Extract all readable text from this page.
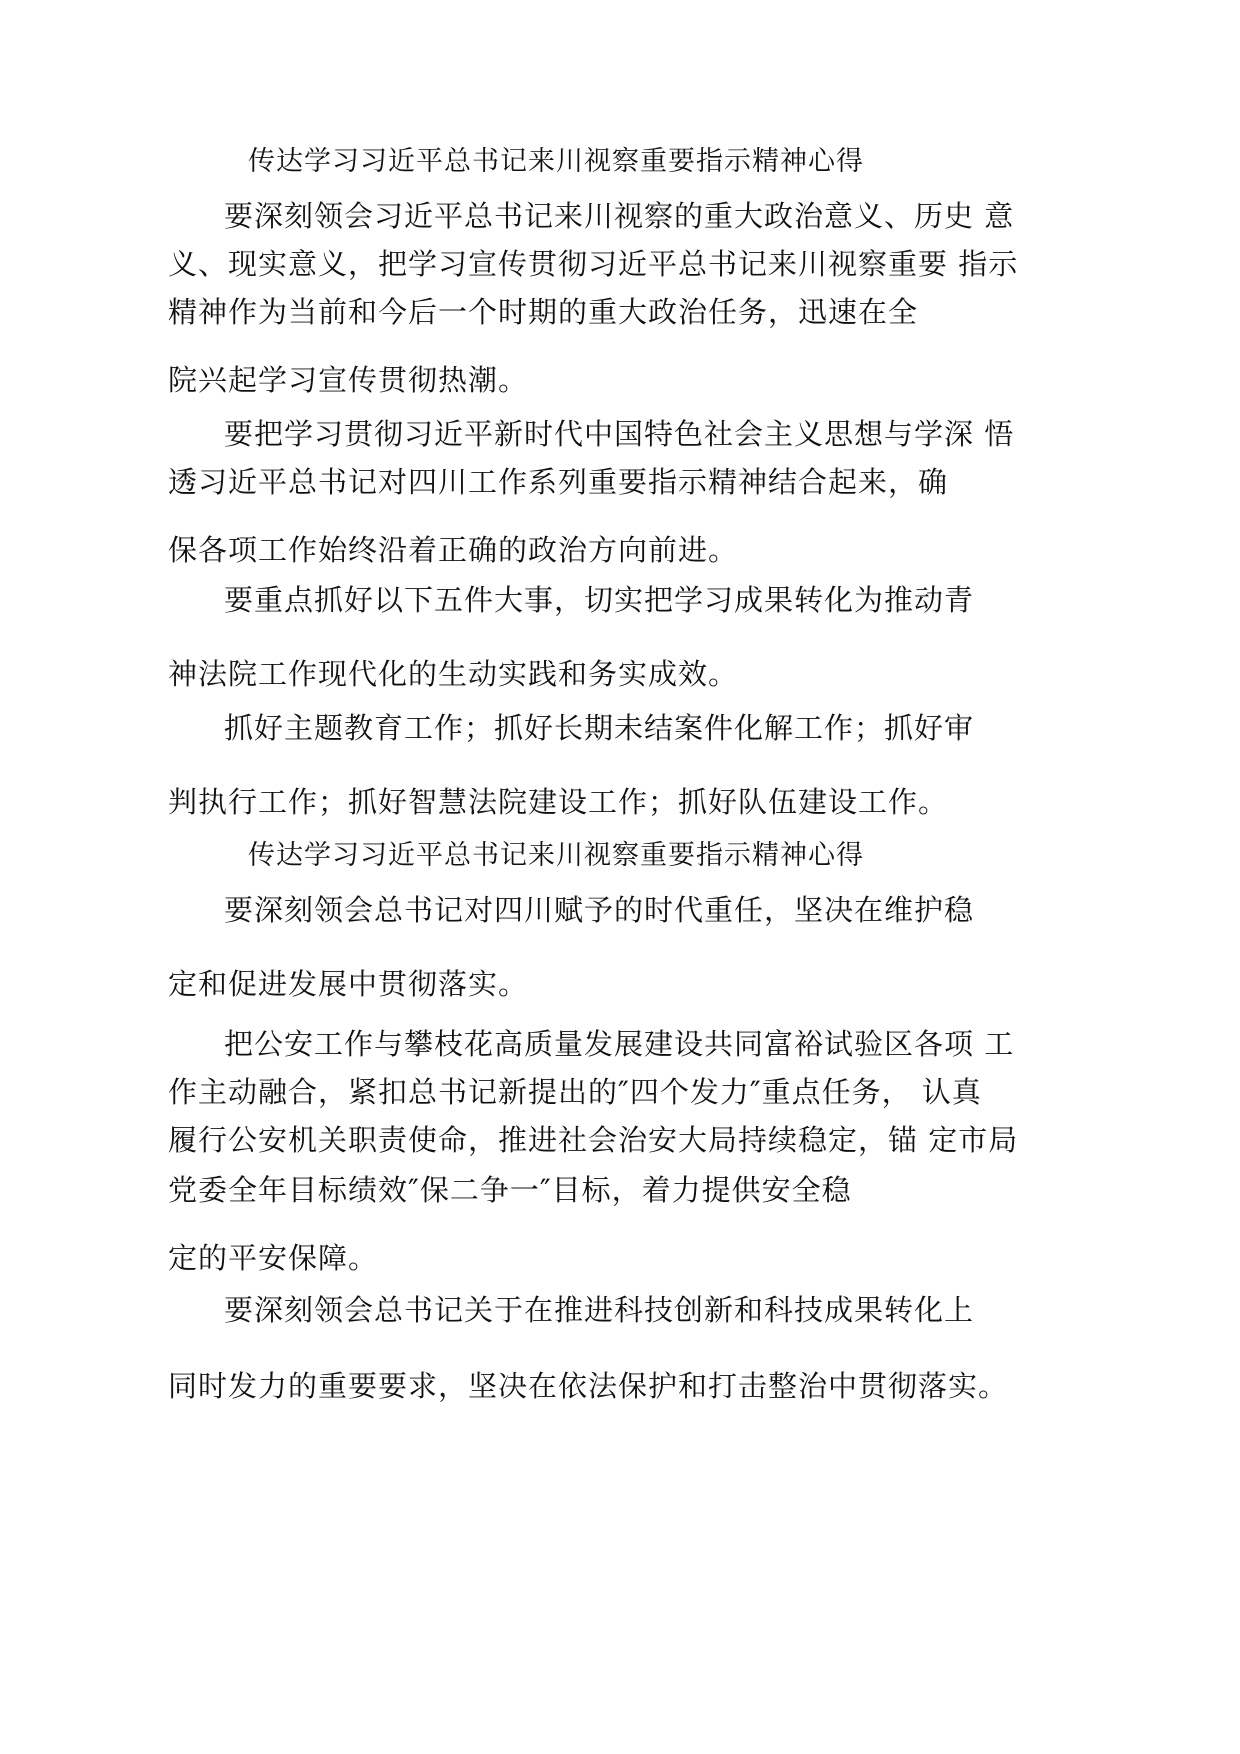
传达学习习近平总书记来川视察重要指示精神心得
要深刻领会习近平总书记来川视察的重大政治意义、历史 意
义、现实意义，把学习宣传贯彻习近平总书记来川视察重要 指示
精神作为当前和今后一个时期的重大政治任务，迅速在全
院兴起学习宣传贯彻热潮。
要把学习贯彻习近平新时代中国特色社会主义思想与学深 悟
透习近平总书记对四川工作系列重要指示精神结合起来，确
保各项工作始终沿着正确的政治方向前进。
要重点抓好以下五件大事，切实把学习成果转化为推动青
神法院工作现代化的生动实践和务实成效。
抓好主题教育工作；抓好长期未结案件化解工作；抓好审
判执行工作；抓好智慧法院建设工作；抓好队伍建设工作。
传达学习习近平总书记来川视察重要指示精神心得
要深刻领会总书记对四川赋予的时代重任，坚决在维护稳
定和促进发展中贯彻落实。
把公安工作与攀枝花高质量发展建设共同富裕试验区各项 工
作主动融合，紧扣总书记新提出的″四个发力″重点任务， 认真
履行公安机关职责使命，推进社会治安大局持续稳定，锚 定市局
党委全年目标绩效″保二争一″目标，着力提供安全稳
定的平安保障。
要深刻领会总书记关于在推进科技创新和科技成果转化上
同时发力的重要要求，坚决在依法保护和打击整治中贯彻落实。
